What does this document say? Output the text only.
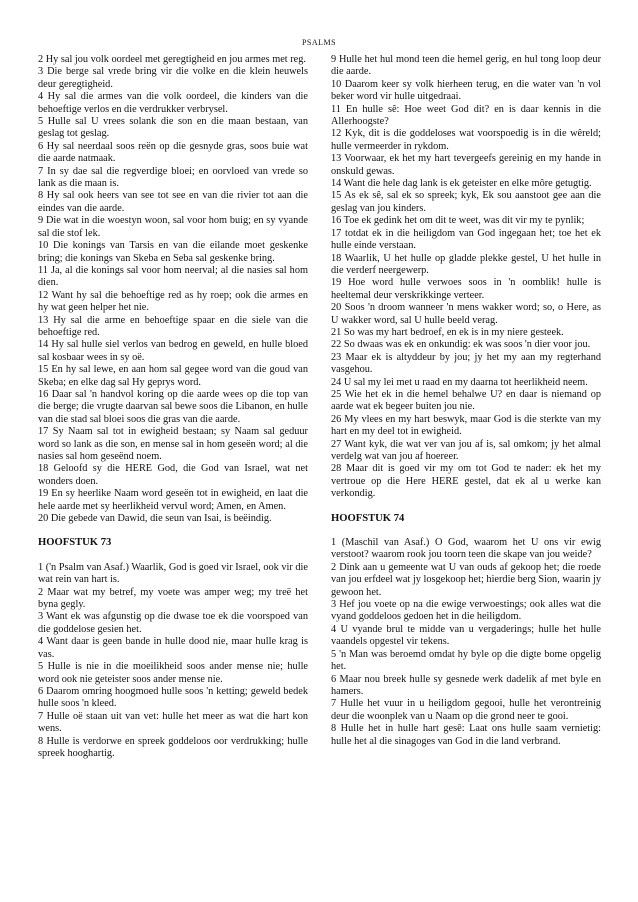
PSALMS

2 Hy sal jou volk oordeel met geregtigheid en jou armes met reg.

3 Die berge sal vrede bring vir die volke en die klein heuwels deur geregtigheid.

4 Hy sal die armes van die volk oordeel, die kinders van die behoeftige verlos en die verdrukker verbrysel.

5 Hulle sal U vrees solank die son en die maan bestaan, van geslag tot geslag.

6 Hy sal neerdaal soos reën op die gesnyde gras, soos buie wat die aarde natmaak.

7 In sy dae sal die regverdige bloei; en oorvloed van vrede so lank as die maan is.

8 Hy sal ook heers van see tot see en van die rivier tot aan die eindes van die aarde.

9 Die wat in die woestyn woon, sal voor hom buig; en sy vyande sal die stof lek.

10 Die konings van Tarsis en van die eilande moet geskenke bring; die konings van Skeba en Seba sal geskenke bring.

11 Ja, al die konings sal voor hom neerval; al die nasies sal hom dien.

12 Want hy sal die behoeftige red as hy roep; ook die armes en hy wat geen helper het nie.

13 Hy sal die arme en behoeftige spaar en die siele van die behoeftige red.

14 Hy sal hulle siel verlos van bedrog en geweld, en hulle bloed sal kosbaar wees in sy oë.

15 En hy sal lewe, en aan hom sal gegee word van die goud van Skeba; en elke dag sal Hy geprys word.

16 Daar sal 'n handvol koring op die aarde wees op die top van die berge; die vrugte daarvan sal bewe soos die Libanon, en hulle van die stad sal bloei soos die gras van die aarde.

17 Sy Naam sal tot in ewigheid bestaan; sy Naam sal geduur word so lank as die son, en mense sal in hom geseën word; al die nasies sal hom geseënd noem.

18 Geloofd sy die HERE God, die God van Israel, wat net wonders doen.

19 En sy heerlike Naam word geseën tot in ewigheid, en laat die hele aarde met sy heerlikheid vervul word; Amen, en Amen.

20 Die gebede van Dawid, die seun van Isai, is beëindig.

HOOFSTUK 73

1 ('n Psalm van Asaf.) Waarlik, God is goed vir Israel, ook vir die wat rein van hart is.

2 Maar wat my betref, my voete was amper weg; my treë het byna gegly.

3 Want ek was afgunstig op die dwase toe ek die voorspoed van die goddelose gesien het.

4 Want daar is geen bande in hulle dood nie, maar hulle krag is vas.

5 Hulle is nie in die moeilikheid soos ander mense nie; hulle word ook nie geteister soos ander mense nie.

6 Daarom omring hoogmoed hulle soos 'n ketting; geweld bedek hulle soos 'n kleed.

7 Hulle oë staan uit van vet: hulle het meer as wat die hart kon wens.

8 Hulle is verdorwe en spreek goddeloos oor verdrukking; hulle spreek hooghartig.

9 Hulle het hul mond teen die hemel gerig, en hul tong loop deur die aarde.

10 Daarom keer sy volk hierheen terug, en die water van 'n vol beker word vir hulle uitgedraai.

11 En hulle sê: Hoe weet God dit? en is daar kennis in die Allerhoogste?

12 Kyk, dit is die goddeloses wat voorspoedig is in die wêreld; hulle vermeerder in rykdom.

13 Voorwaar, ek het my hart tevergeefs gereinig en my hande in onskuld gewas.

14 Want die hele dag lank is ek geteister en elke môre getugtig.

15 As ek sê, sal ek so spreek; kyk, Ek sou aanstoot gee aan die geslag van jou kinders.

16 Toe ek gedink het om dit te weet, was dit vir my te pynlik;

17 totdat ek in die heiligdom van God ingegaan het; toe het ek hulle einde verstaan.

18 Waarlik, U het hulle op gladde plekke gestel, U het hulle in die verderf neergewerp.

19 Hoe word hulle verwoes soos in 'n oomblik! hulle is heeltemal deur verskrikkinge verteer.

20 Soos 'n droom wanneer 'n mens wakker word; so, o Here, as U wakker word, sal U hulle beeld verag.

21 So was my hart bedroef, en ek is in my niere gesteek.

22 So dwaas was ek en onkundig: ek was soos 'n dier voor jou.

23 Maar ek is altyddeur by jou; jy het my aan my regterhand vasgehou.

24 U sal my lei met u raad en my daarna tot heerlikheid neem.

25 Wie het ek in die hemel behalwe U? en daar is niemand op aarde wat ek begeer buiten jou nie.

26 My vlees en my hart beswyk, maar God is die sterkte van my hart en my deel tot in ewigheid.

27 Want kyk, die wat ver van jou af is, sal omkom; jy het almal verdelg wat van jou af hoereer.

28 Maar dit is goed vir my om tot God te nader: ek het my vertroue op die Here HERE gestel, dat ek al u werke kan verkondig.

HOOFSTUK 74

1 (Maschil van Asaf.) O God, waarom het U ons vir ewig verstoot? waarom rook jou toorn teen die skape van jou weide?

2 Dink aan u gemeente wat U van ouds af gekoop het; die roede van jou erfdeel wat jy losgekoop het; hierdie berg Sion, waarin jy gewoon het.

3 Hef jou voete op na die ewige verwoestings; ook alles wat die vyand goddeloos gedoen het in die heiligdom.

4 U vyande brul te midde van u vergaderings; hulle het hulle vaandels opgestel vir tekens.

5 'n Man was beroemd omdat hy byle op die digte bome opgelig het.

6 Maar nou breek hulle sy gesnede werk dadelik af met byle en hamers.

7 Hulle het vuur in u heiligdom gegooi, hulle het verontreinig deur die woonplek van u Naam op die grond neer te gooi.

8 Hulle het in hulle hart gesê: Laat ons hulle saam vernietig: hulle het al die sinagoges van God in die land verbrand.
